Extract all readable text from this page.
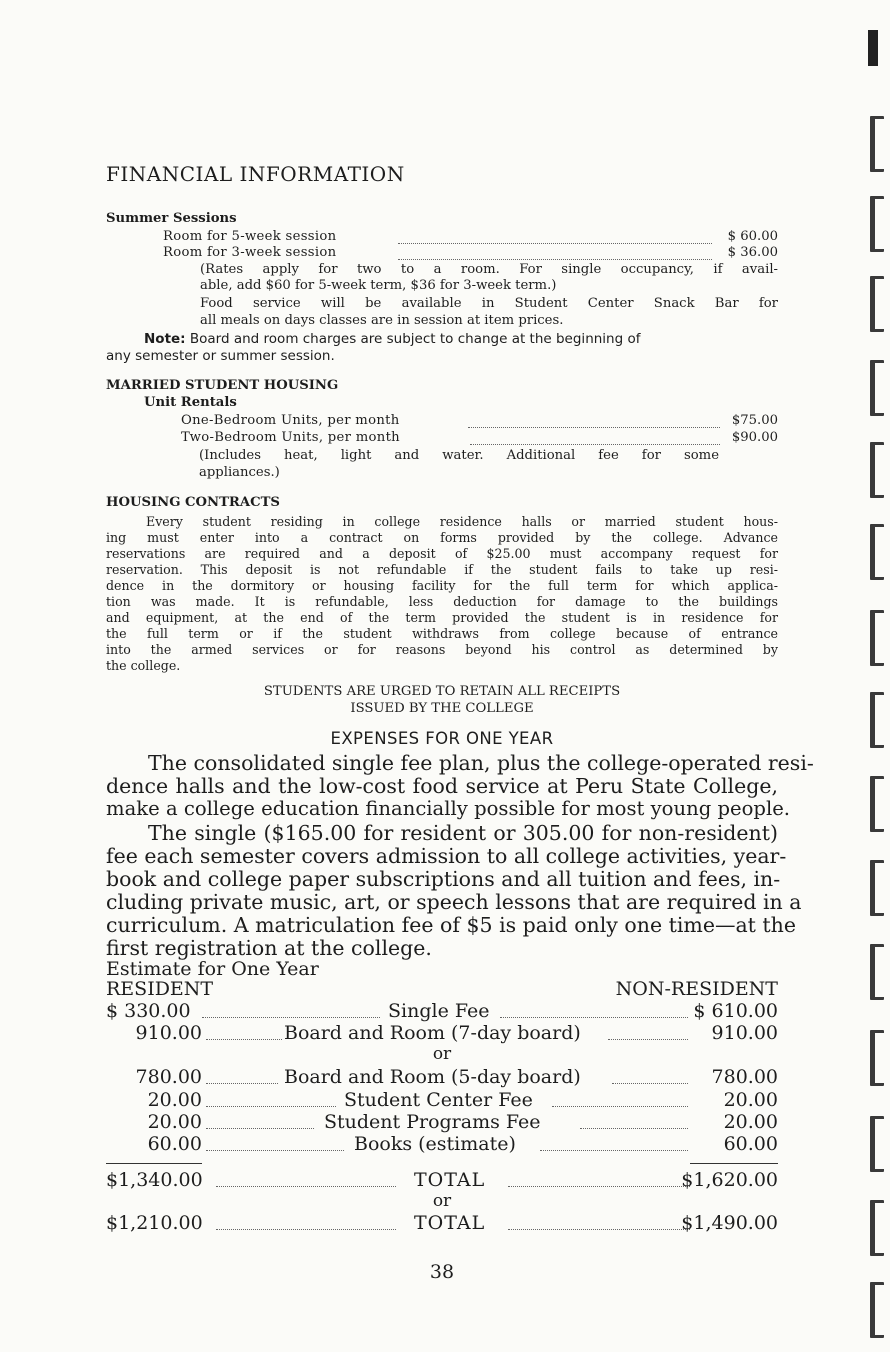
FINANCIAL INFORMATION
Summer Sessions
Room for 5-week session	$ 60.00
Room for 3-week session	$ 36.00
(Rates apply for two to a room. For single occupancy, if avail-
able, add $60 for 5-week term, $36 for 3-week term.)
Food service will be available in Student Center Snack Bar for
all meals on days classes are in session at item prices.
Note: Board and room charges are subject to change at the beginning of
any semester or summer session.
MARRIED STUDENT HOUSING
Unit Rentals
One-Bedroom Units, per month	$75.00
Two-Bedroom Units, per month	$90.00
(Includes heat, light and water. Additional fee for some
appliances.)
HOUSING CONTRACTS
Every student residing in college residence halls or married student hous-
ing must enter into a contract on forms provided by the college. Advance
reservations are required and a deposit of $25.00 must accompany request for
reservation. This deposit is not refundable if the student fails to take up resi-
dence in the dormitory or housing facility for the full term for which applica-
tion was made. It is refundable, less deduction for damage to the buildings
and equipment, at the end of the term provided the student is in residence for
the full term or if the student withdraws from college because of entrance
into the armed services or for reasons beyond his control as determined by
the college.
STUDENTS ARE URGED TO RETAIN ALL RECEIPTS
ISSUED BY THE COLLEGE
EXPENSES FOR ONE YEAR
The consolidated single fee plan, plus the college-operated resi-
dence halls and the low-cost food service at Peru State College,
make a college education financially possible for most young people.
The single ($165.00 for resident or 305.00 for non-resident)
fee each semester covers admission to all college activities, year-
book and college paper subscriptions and all tuition and fees, in-
cluding private music, art, or speech lessons that are required in a
curriculum. A matriculation fee of $5 is paid only one time—at the
first registration at the college.
Estimate for One Year
RESIDENT	NON-RESIDENT
$ 330.00	Single Fee	$ 610.00
910.00	Board and Room (7-day board)	910.00
or
780.00	Board and Room (5-day board)	780.00
20.00	Student Center Fee	20.00
20.00	Student Programs Fee	20.00
60.00	Books (estimate)	60.00
$1,340.00	TOTAL	$1,620.00
or
$1,210.00	TOTAL	$1,490.00
38
